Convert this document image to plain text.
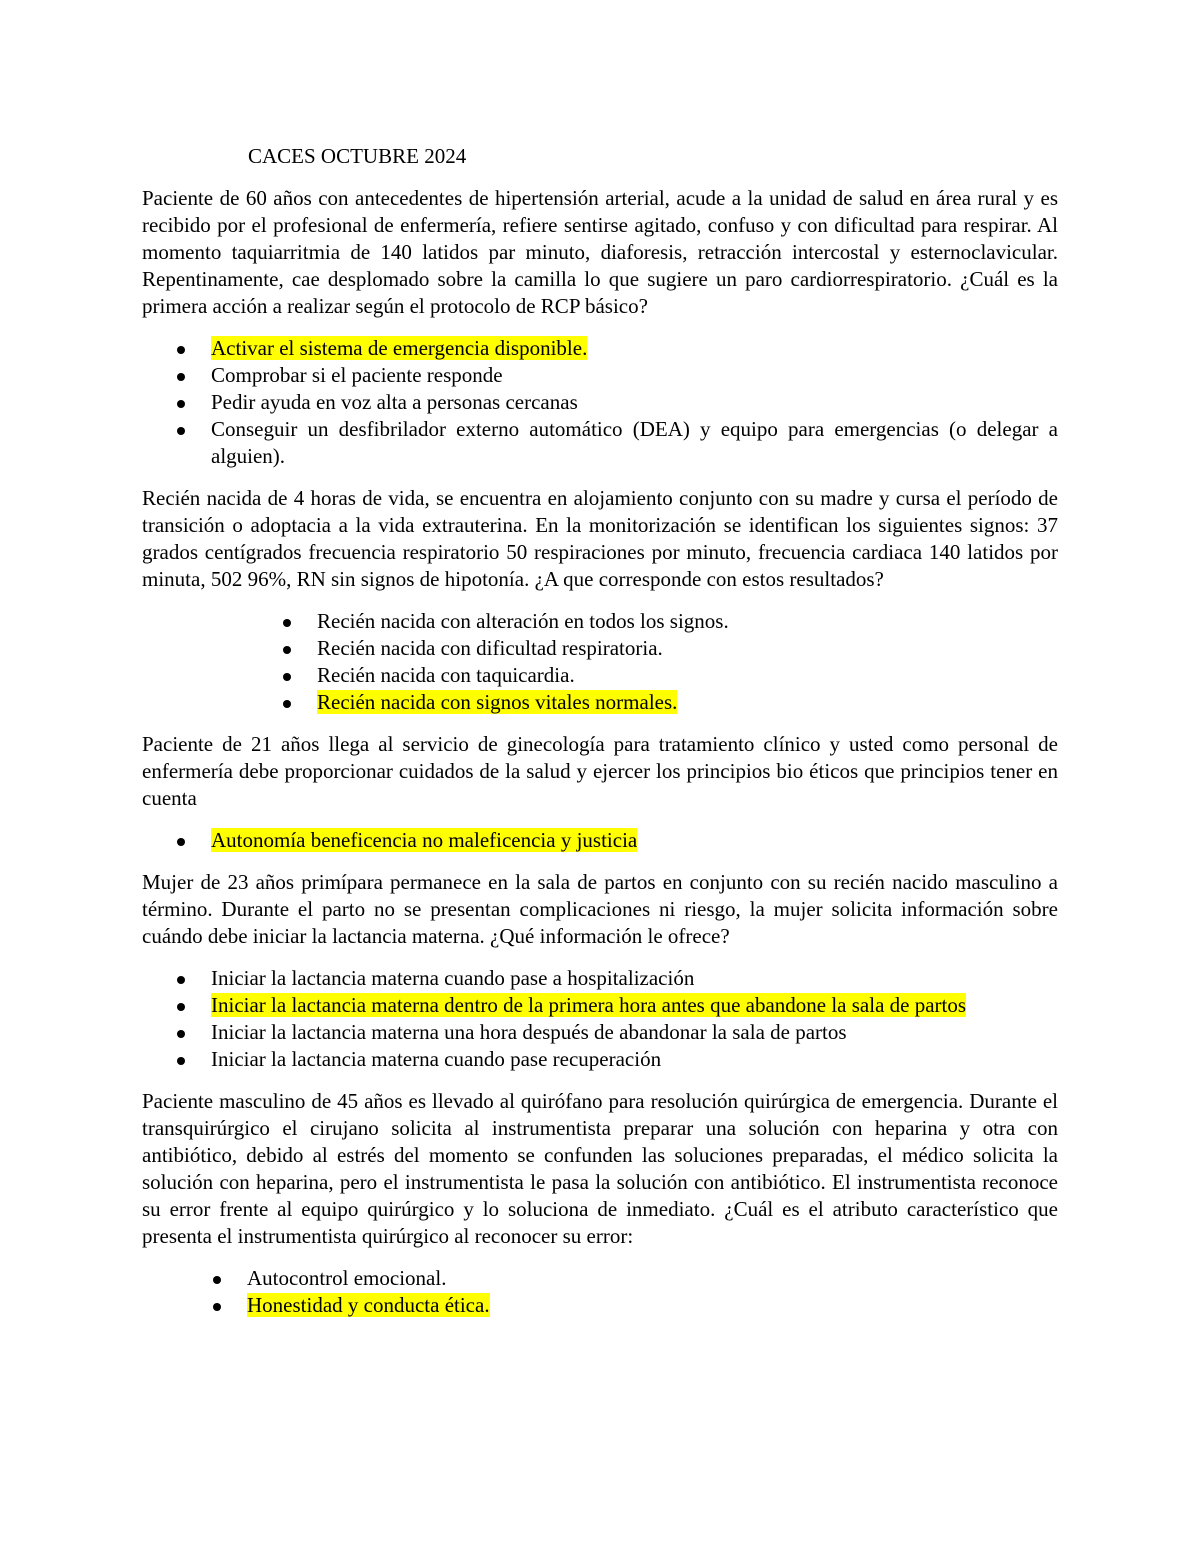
CACES OCTUBRE 2024

Paciente de 60 años con antecedentes de hipertensión arterial, acude a la unidad de salud en área rural y es recibido por el profesional de enfermería, refiere sentirse agitado, confuso y con dificultad para respirar. Al momento taquiarritmia de 140 latidos par minuto, diaforesis, retracción intercostal y esternoclavicular. Repentinamente, cae desplomado sobre la camilla lo que sugiere un paro cardiorrespiratorio. ¿Cuál es la primera acción a realizar según el protocolo de RCP básico?

Activar el sistema de emergencia disponible.
Comprobar si el paciente responde
Pedir ayuda en voz alta a personas cercanas
Conseguir un desfibrilador externo automático (DEA) y equipo para emergencias (o delegar a alguien).

Recién nacida de 4 horas de vida, se encuentra en alojamiento conjunto con su madre y cursa el período de transición o adoptacia a la vida extrauterina. En la monitorización se identifican los siguientes signos: 37 grados centígrados frecuencia respiratorio 50 respiraciones por minuto, frecuencia cardiaca 140 latidos por minuta, 502 96%, RN sin signos de hipotonía. ¿A que corresponde con estos resultados?

Recién nacida con alteración en todos los signos.
Recién nacida con dificultad respiratoria.
Recién nacida con taquicardia.
Recién nacida con signos vitales normales.

Paciente de 21 años llega al servicio de ginecología para tratamiento clínico y usted como personal de enfermería debe proporcionar cuidados de la salud y ejercer los principios bio éticos que principios tener en cuenta

Autonomía beneficencia no maleficencia y justicia

Mujer de 23 años primípara permanece en la sala de partos en conjunto con su recién nacido masculino a término. Durante el parto no se presentan complicaciones ni riesgo, la mujer solicita información sobre cuándo debe iniciar la lactancia materna. ¿Qué información le ofrece?

Iniciar la lactancia materna cuando pase a hospitalización
Iniciar la lactancia materna dentro de la primera hora antes que abandone la sala de partos
Iniciar la lactancia materna una hora después de abandonar la sala de partos
Iniciar la lactancia materna cuando pase recuperación

Paciente masculino de 45 años es llevado al quirófano para resolución quirúrgica de emergencia. Durante el transquirúrgico el cirujano solicita al instrumentista preparar una solución con heparina y otra con antibiótico, debido al estrés del momento se confunden las soluciones preparadas, el médico solicita la solución con heparina, pero el instrumentista le pasa la solución con antibiótico. El instrumentista reconoce su error frente al equipo quirúrgico y lo soluciona de inmediato. ¿Cuál es el atributo característico que presenta el instrumentista quirúrgico al reconocer su error:

Autocontrol emocional.
Honestidad y conducta ética.
